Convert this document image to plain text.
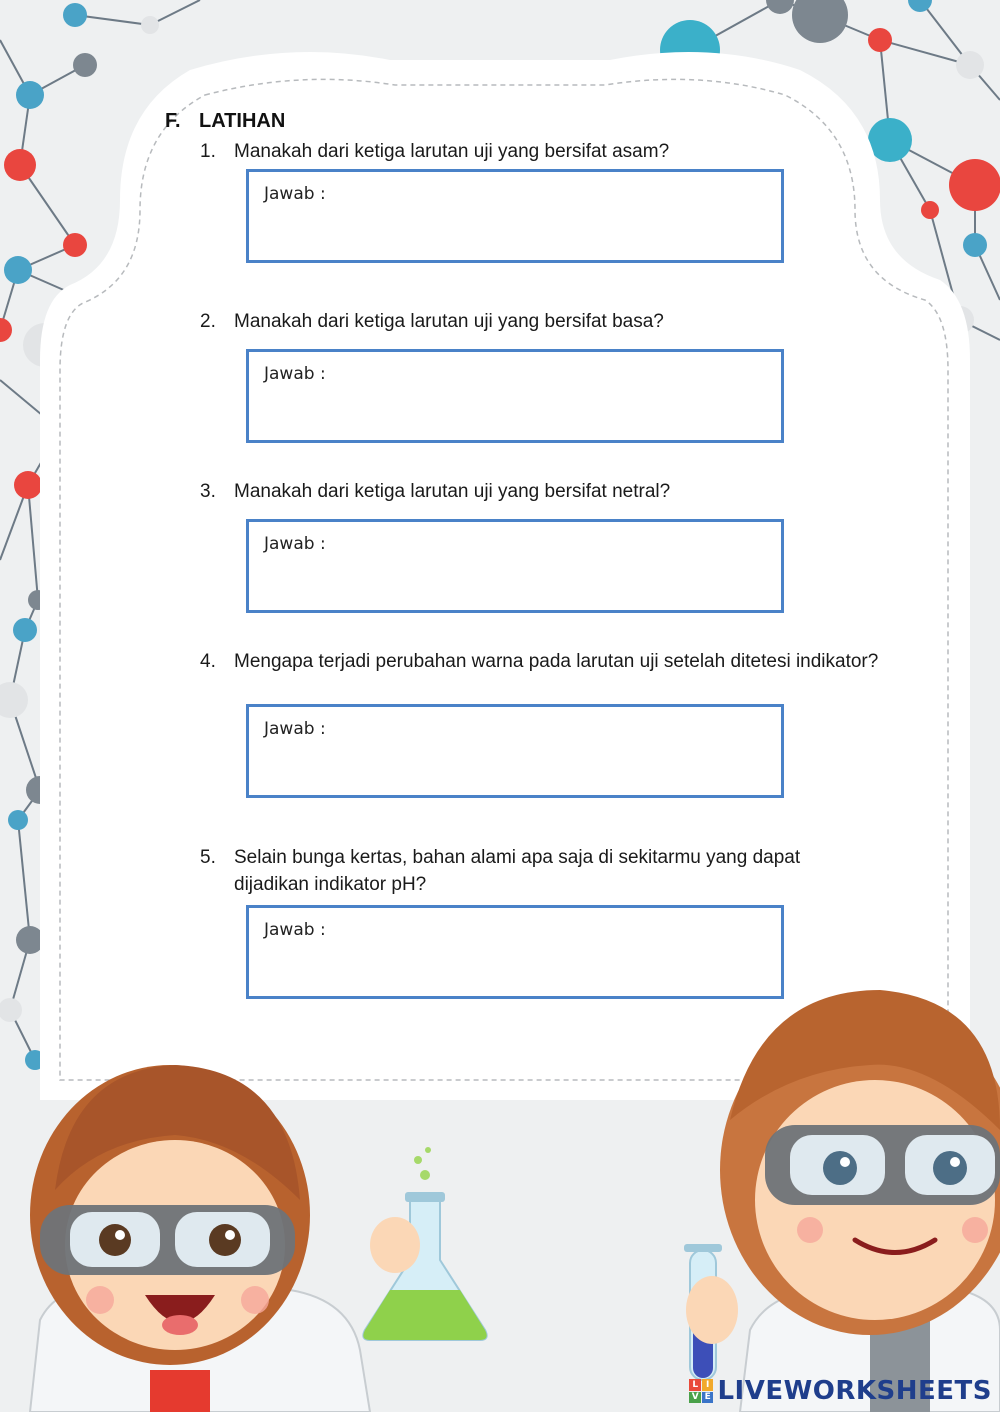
F. LATIHAN
1. Manakah dari ketiga larutan uji yang bersifat asam?
Jawab :
2. Manakah dari ketiga larutan uji yang bersifat basa?
Jawab :
3. Manakah dari ketiga larutan uji yang bersifat netral?
Jawab :
4. Mengapa terjadi perubahan warna pada larutan uji setelah ditetesi indikator?
Jawab :
5. Selain bunga kertas, bahan alami apa saja di sekitarmu yang dapat dijadikan indikator pH?
Jawab :
L I
V E LIVEWORKSHEETS
